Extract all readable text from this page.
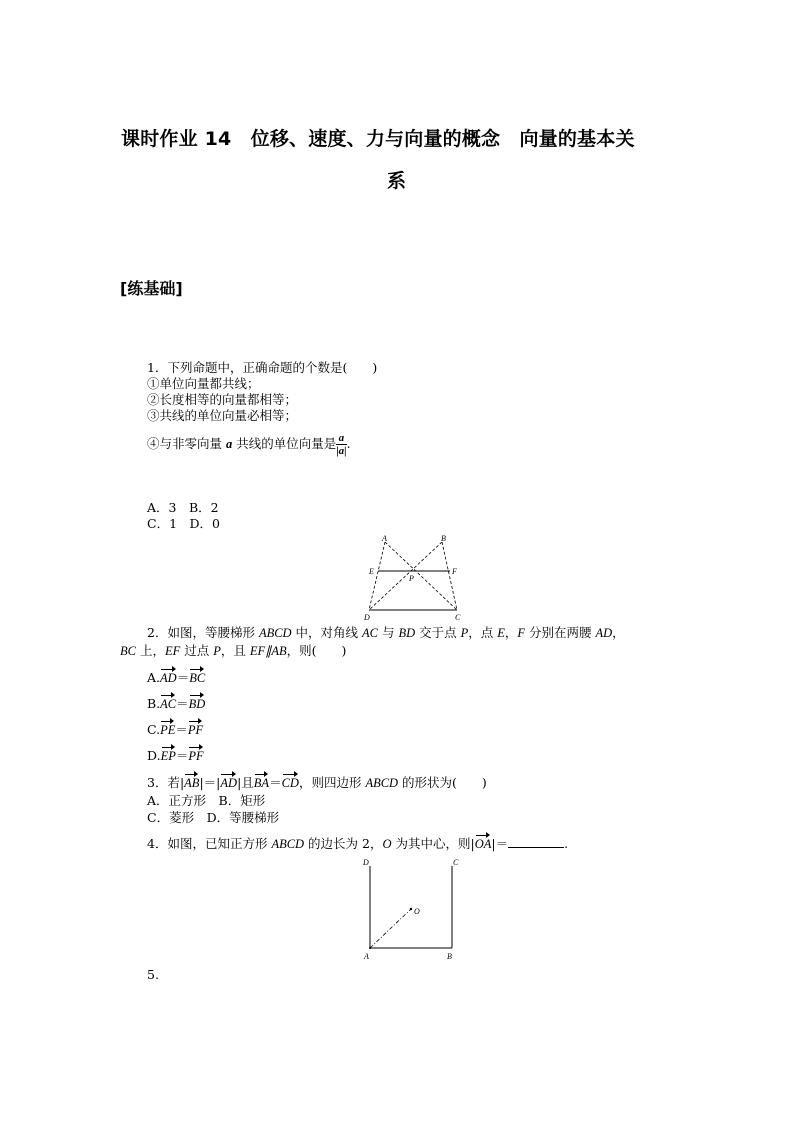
课时作业 14　位移、速度、力与向量的概念　向量的基本关
系
[练基础]
1．下列命题中，正确命题的个数是(　　)
①单位向量都共线；
②长度相等的向量都相等；
③共线的单位向量必相等；
④与非零向量 a 共线的单位向量是 $\frac{a}{|a|}$ .
A．3　B．2
C．1　D．0
A	B
E	F
P
D	C
2．如图，等腰梯形 ABCD 中，对角线 AC 与 BD 交于点 P，点 E，F 分别在两腰 AD，
BC 上，EF 过点 P，且 EF∥AB，则(　　)
A.AD＝BC
B.AC＝BD
C.PE＝PF
D.EP＝PF
3．若|AB|＝|AD|且BA＝CD，则四边形 ABCD 的形状为(　　)
A．正方形　B．矩形
C．菱形　D．等腰梯形
4．如图，已知正方形 ABCD 的边长为 2，O 为其中心，则|OA|＝	.
D	C
O
A	B
5.
